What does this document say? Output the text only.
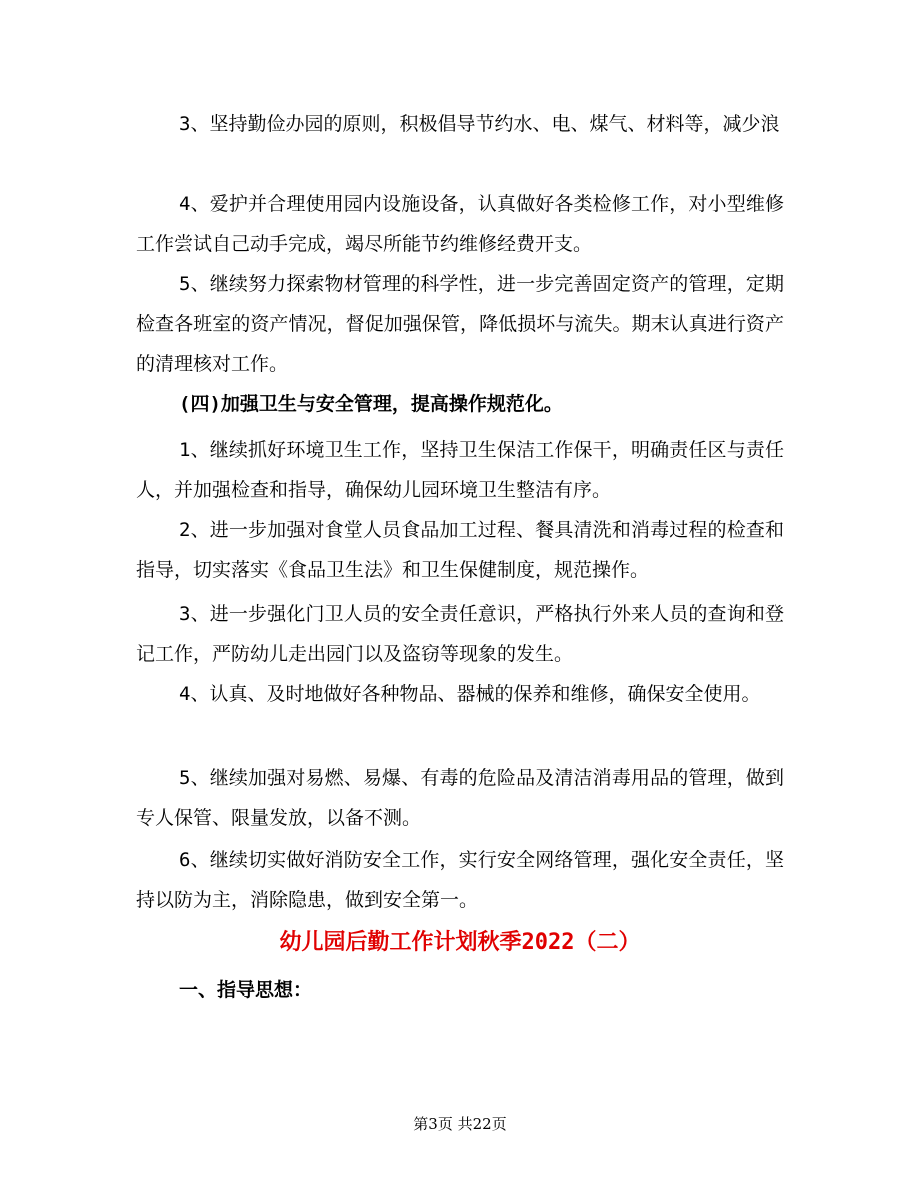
3、坚持勤俭办园的原则，积极倡导节约水、电、煤气、材料等，减少浪

4、爱护并合理使用园内设施设备，认真做好各类检修工作，对小型维修工作尝试自己动手完成，竭尽所能节约维修经费开支。

5、继续努力探索物材管理的科学性，进一步完善固定资产的管理，定期检查各班室的资产情况，督促加强保管，降低损坏与流失。期末认真进行资产的清理核对工作。

(四)加强卫生与安全管理，提高操作规范化。

1、继续抓好环境卫生工作，坚持卫生保洁工作保干，明确责任区与责任人，并加强检查和指导，确保幼儿园环境卫生整洁有序。

2、进一步加强对食堂人员食品加工过程、餐具清洗和消毒过程的检查和指导，切实落实《食品卫生法》和卫生保健制度，规范操作。

3、进一步强化门卫人员的安全责任意识，严格执行外来人员的查询和登记工作，严防幼儿走出园门以及盗窃等现象的发生。

4、认真、及时地做好各种物品、器械的保养和维修，确保安全使用。

5、继续加强对易燃、易爆、有毒的危险品及清洁消毒用品的管理，做到专人保管、限量发放，以备不测。

6、继续切实做好消防安全工作，实行安全网络管理，强化安全责任，坚持以防为主，消除隐患，做到安全第一。

幼儿园后勤工作计划秋季2022（二）

一、指导思想：

第3页 共22页
